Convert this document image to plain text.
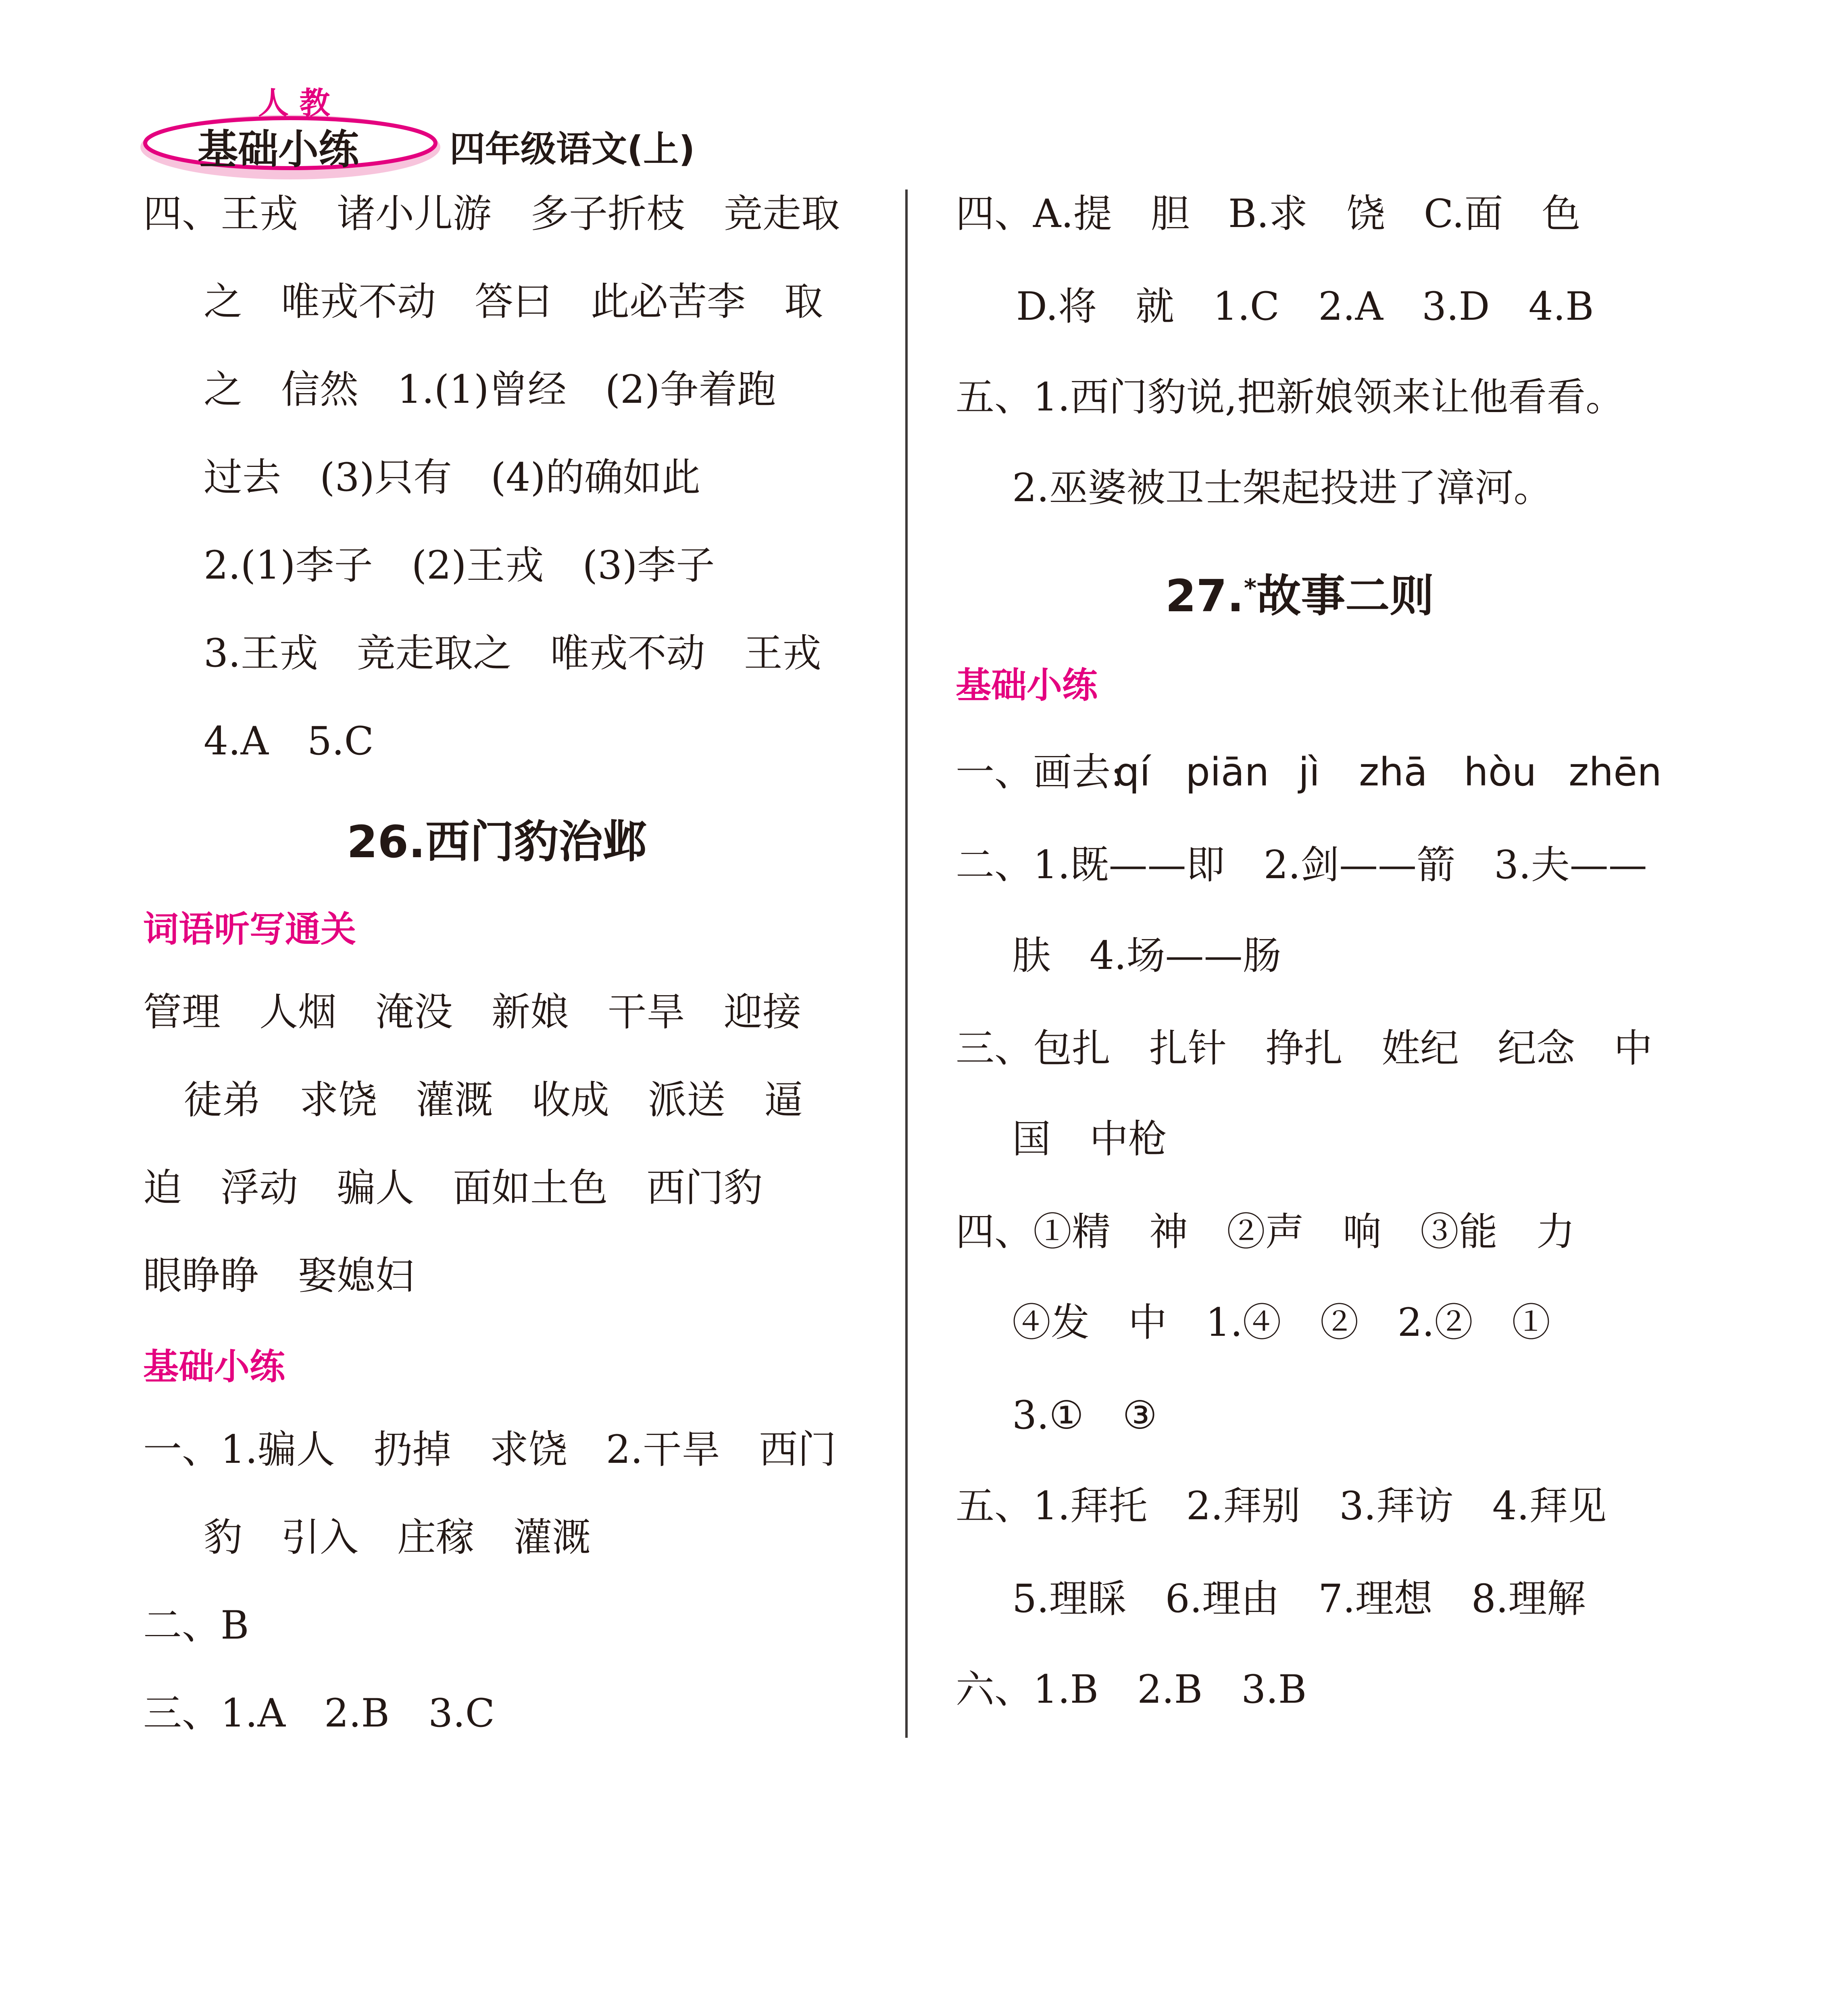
人 教
基础小练	四年级语文(上)
四、王戎　诸小儿游　多子折枝　竞走取
之　唯戎不动　答曰　此必苦李　取
之　信然　1.(1)曾经　(2)争着跑
过去　(3)只有　(4)的确如此
2.(1)李子　(2)王戎　(3)李子
3.王戎　竞走取之　唯戎不动　王戎
4.A　5.C
26.西门豹治邺
词语听写通关
管理　人烟　淹没　新娘　干旱　迎接
徒弟　求饶　灌溉　收成　派送　逼
迫　浮动　骗人　面如土色　西门豹
眼睁睁　娶媳妇
基础小练
一、1.骗人　扔掉　求饶　2.干旱　西门
豹　引入　庄稼　灌溉
二、B
三、1.A　2.B　3.C
四、A.提　胆　B.求　饶　C.面　色
D.将　就　1.C　2.A　3.D　4.B
五、1.西门豹说,把新娘领来让他看看。
2.巫婆被卫士架起投进了漳河。
27.*故事二则
基础小练
一、画去:
qí piān jì zhā hòu zhēn
二、1.既——即　2.剑——箭　3.夫——
肤　4.场——肠
三、包扎　扎针　挣扎　姓纪　纪念　中
国　中枪
四、①精　神　②声　响　③能　力
④发　中　1.④　②　2.②　①
3.①　③
五、1.拜托　2.拜别　3.拜访　4.拜见
5.理睬　6.理由　7.理想　8.理解
六、1.B　2.B　3.B
